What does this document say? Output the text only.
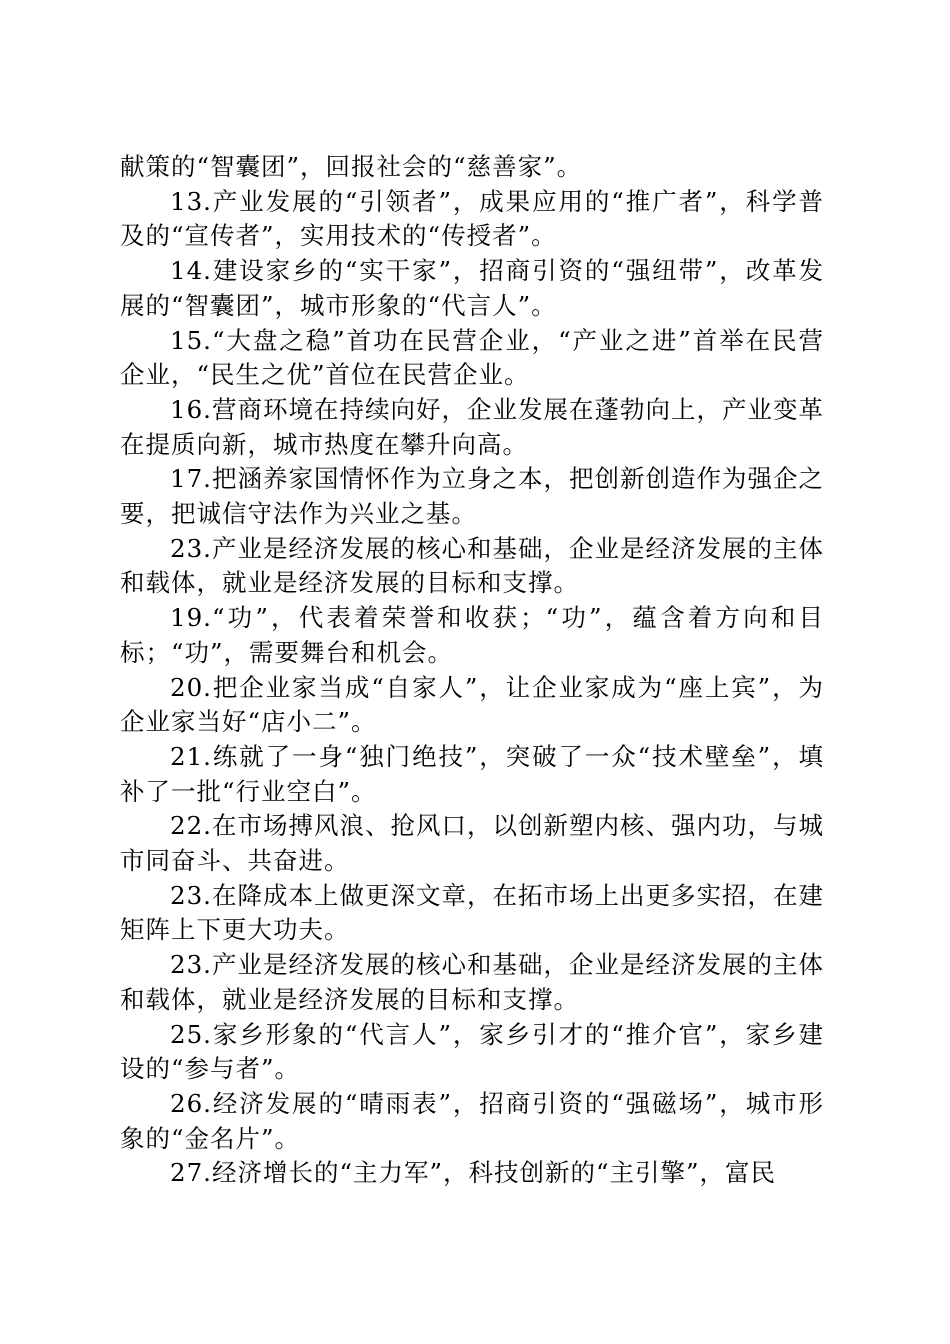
献策的“智囊团”，回报社会的“慈善家”。

13.产业发展的“引领者”，成果应用的“推广者”，科学普及的“宣传者”，实用技术的“传授者”。

14.建设家乡的“实干家”，招商引资的“强纽带”，改革发展的“智囊团”，城市形象的“代言人”。

15.“大盘之稳”首功在民营企业，“产业之进”首举在民营企业，“民生之优”首位在民营企业。

16.营商环境在持续向好，企业发展在蓬勃向上，产业变革在提质向新，城市热度在攀升向高。

17.把涵养家国情怀作为立身之本，把创新创造作为强企之要，把诚信守法作为兴业之基。

23.产业是经济发展的核心和基础，企业是经济发展的主体和载体，就业是经济发展的目标和支撑。

19.“功”，代表着荣誉和收获；“功”，蕴含着方向和目标；“功”，需要舞台和机会。

20.把企业家当成“自家人”，让企业家成为“座上宾”，为企业家当好“店小二”。

21.练就了一身“独门绝技”，突破了一众“技术壁垒”，填补了一批“行业空白”。

22.在市场搏风浪、抢风口，以创新塑内核、强内功，与城市同奋斗、共奋进。

23.在降成本上做更深文章，在拓市场上出更多实招，在建矩阵上下更大功夫。

23.产业是经济发展的核心和基础，企业是经济发展的主体和载体，就业是经济发展的目标和支撑。

25.家乡形象的“代言人”，家乡引才的“推介官”，家乡建设的“参与者”。

26.经济发展的“晴雨表”，招商引资的“强磁场”，城市形象的“金名片”。

27.经济增长的“主力军”，科技创新的“主引擎”，富民
